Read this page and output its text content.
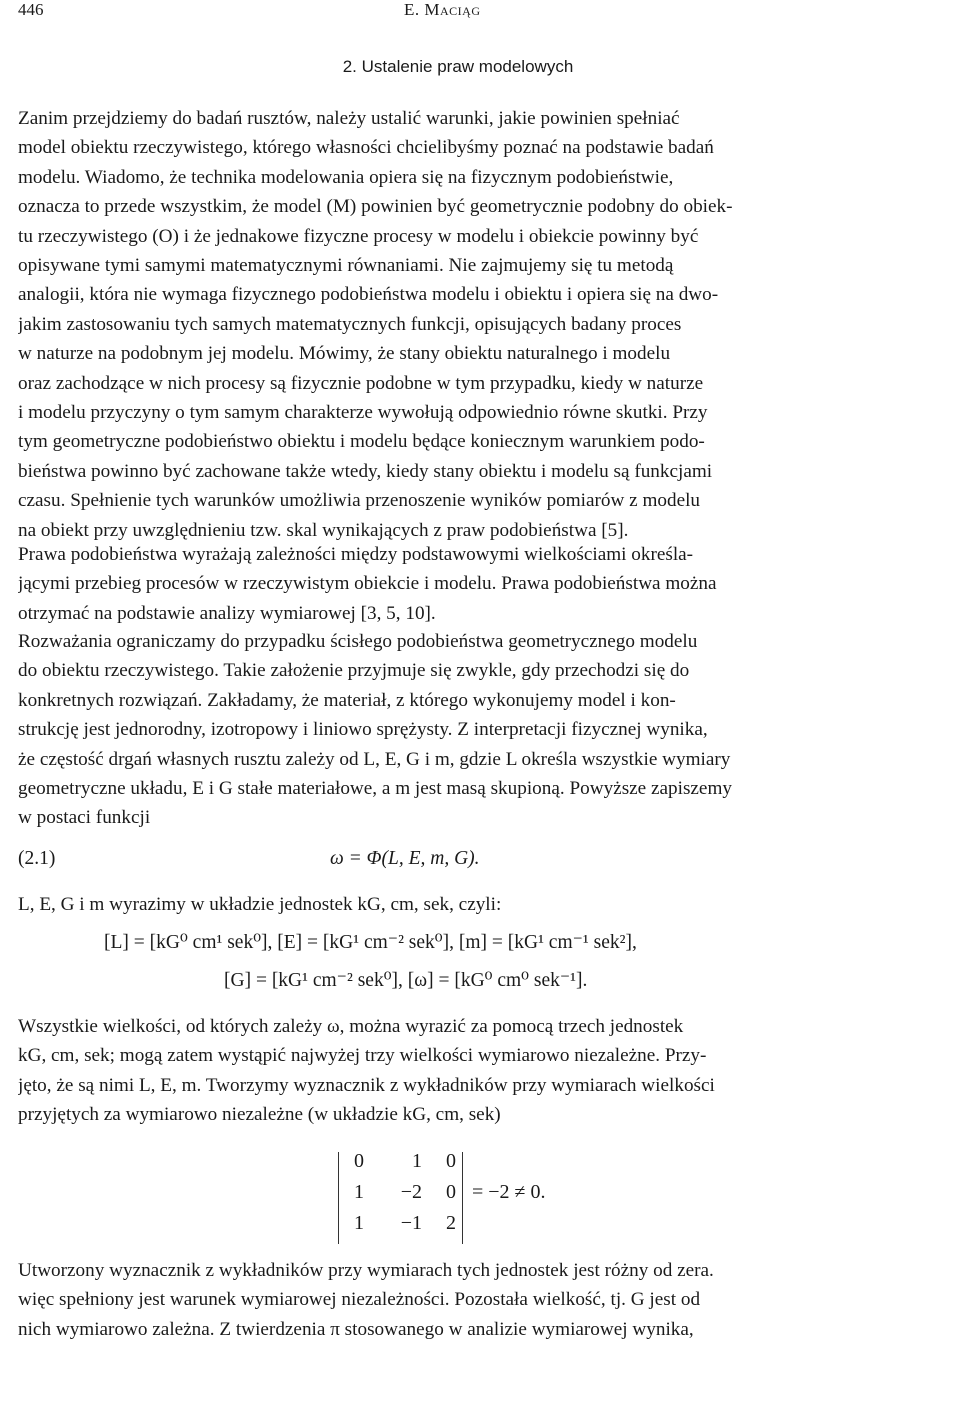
446	E. Maciąg
2. Ustalenie praw modelowych

Zanim przejdziemy do badań rusztów, należy ustalić warunki, jakie powinien spełniać
model obiektu rzeczywistego, którego własności chcielibyśmy poznać na podstawie badań
modelu. Wiadomo, że technika modelowania opiera się na fizycznym podobieństwie,
oznacza to przede wszystkim, że model (M) powinien być geometrycznie podobny do obiek-
tu rzeczywistego (O) i że jednakowe fizyczne procesy w modelu i obiekcie powinny być
opisywane tymi samymi matematycznymi równaniami. Nie zajmujemy się tu metodą
analogii, która nie wymaga fizycznego podobieństwa modelu i obiektu i opiera się na dwo-
jakim zastosowaniu tych samych matematycznych funkcji, opisujących badany proces
w naturze na podobnym jej modelu. Mówimy, że stany obiektu naturalnego i modelu
oraz zachodzące w nich procesy są fizycznie podobne w tym przypadku, kiedy w naturze
i modelu przyczyny o tym samym charakterze wywołują odpowiednio równe skutki. Przy
tym geometryczne podobieństwo obiektu i modelu będące koniecznym warunkiem podo-
bieństwa powinno być zachowane także wtedy, kiedy stany obiektu i modelu są funkcjami
czasu. Spełnienie tych warunków umożliwia przenoszenie wyników pomiarów z modelu
na obiekt przy uwzględnieniu tzw. skal wynikających z praw podobieństwa [5].

Prawa podobieństwa wyrażają zależności między podstawowymi wielkościami określa-
jącymi przebieg procesów w rzeczywistym obiekcie i modelu. Prawa podobieństwa można
otrzymać na podstawie analizy wymiarowej [3, 5, 10].

Rozważania ograniczamy do przypadku ścisłego podobieństwa geometrycznego modelu
do obiektu rzeczywistego. Takie założenie przyjmuje się zwykle, gdy przechodzi się do
konkretnych rozwiązań. Zakładamy, że materiał, z którego wykonujemy model i kon-
strukcję jest jednorodny, izotropowy i liniowo sprężysty. Z interpretacji fizycznej wynika,
że częstość drgań własnych rusztu zależy od L, E, G i m, gdzie L określa wszystkie wymiary
geometryczne układu, E i G stałe materiałowe, a m jest masą skupioną. Powyższe zapiszemy
w postaci funkcji

(2.1)	ω = Φ(L, E, m, G).

L, E, G i m wyrazimy w układzie jednostek kG, cm, sek, czyli:

[L] = [kG⁰ cm¹ sek⁰], [E] = [kG¹ cm⁻² sek⁰], [m] = [kG¹ cm⁻¹ sek²],
[G] = [kG¹ cm⁻² sek⁰], [ω] = [kG⁰ cm⁰ sek⁻¹].

Wszystkie wielkości, od których zależy ω, można wyrazić za pomocą trzech jednostek
kG, cm, sek; mogą zatem wystąpić najwyżej trzy wielkości wymiarowo niezależne. Przy-
jęto, że są nimi L, E, m. Tworzymy wyznacznik z wykładników przy wymiarach wielkości
przyjętych za wymiarowo niezależne (w układzie kG, cm, sek)

0	1	0
1	−2	0
1	−1	2
= −2 ≠ 0.

Utworzony wyznacznik z wykładników przy wymiarach tych jednostek jest różny od zera.
więc spełniony jest warunek wymiarowej niezależności. Pozostała wielkość, tj. G jest od
nich wymiarowo zależna. Z twierdzenia π stosowanego w analizie wymiarowej wynika,
